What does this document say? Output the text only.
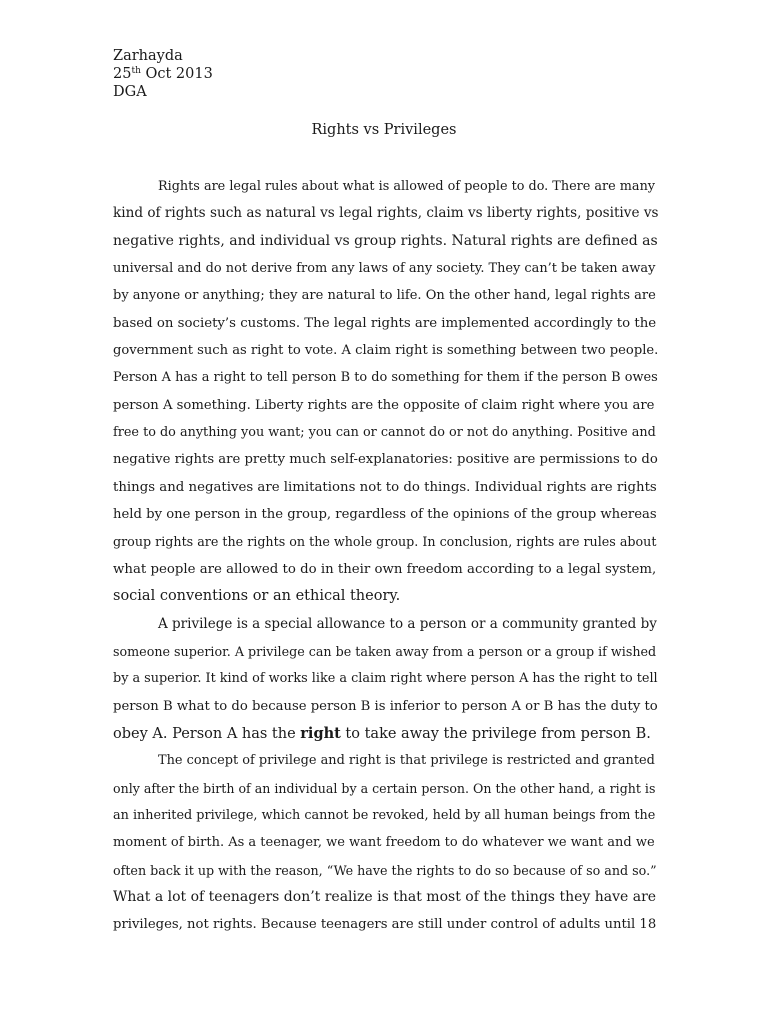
Zarhayda
25th Oct 2013
DGA
Rights vs Privileges
Rights are legal rules about what is allowed of people to do. There are many
kind of rights such as natural vs legal rights, claim vs liberty rights, positive vs
negative rights, and individual vs group rights. Natural rights are defined as
universal and do not derive from any laws of any society. They can’t be taken away
by anyone or anything; they are natural to life. On the other hand, legal rights are
based on society’s customs. The legal rights are implemented accordingly to the
government such as right to vote. A claim right is something between two people.
Person A has a right to tell person B to do something for them if the person B owes
person A something. Liberty rights are the opposite of claim right where you are
free to do anything you want; you can or cannot do or not do anything. Positive and
negative rights are pretty much self-explanatories: positive are permissions to do
things and negatives are limitations not to do things. Individual rights are rights
held by one person in the group, regardless of the opinions of the group whereas
group rights are the rights on the whole group. In conclusion, rights are rules about
what people are allowed to do in their own freedom according to a legal system,
social conventions or an ethical theory.
A privilege is a special allowance to a person or a community granted by
someone superior. A privilege can be taken away from a person or a group if wished
by a superior. It kind of works like a claim right where person A has the right to tell
person B what to do because person B is inferior to person A or B has the duty to
obey A. Person A has the right to take away the privilege from person B.
The concept of privilege and right is that privilege is restricted and granted
only after the birth of an individual by a certain person. On the other hand, a right is
an inherited privilege, which cannot be revoked, held by all human beings from the
moment of birth. As a teenager, we want freedom to do whatever we want and we
often back it up with the reason, “We have the rights to do so because of so and so.”
What a lot of teenagers don’t realize is that most of the things they have are
privileges, not rights. Because teenagers are still under control of adults until 18
